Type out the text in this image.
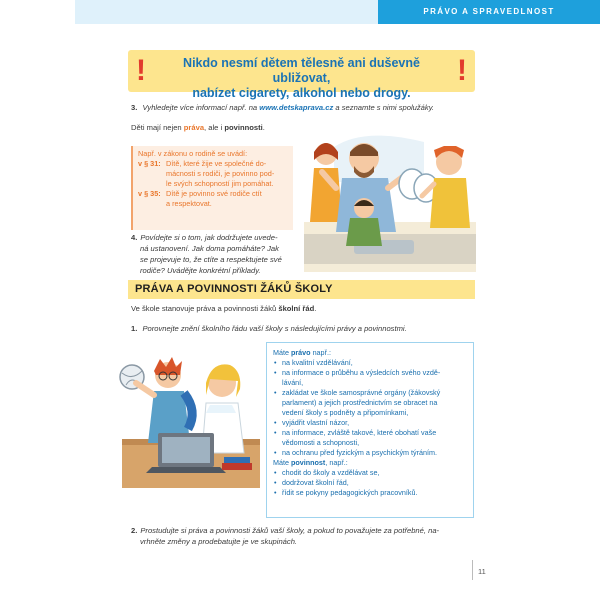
PRÁVO A SPRAVEDLNOST
!	Nikdo nesmí dětem tělesně ani duševně ubližovat,
nabízet cigarety, alkohol nebo drogy.
!
3. Vyhledejte více informací např. na www.detskaprava.cz a seznamte s nimi spolužáky.
Děti mají nejen práva, ale i povinnosti.
Např. v zákonu o rodině se uvádí:
v § 31: Dítě, které žije ve společné do-
mácnosti s rodiči, je povinno pod-
le svých schopností jim pomáhat.
v § 35: Dítě je povinno své rodiče ctít
a respektovat.
4. Povídejte si o tom, jak dodržujete uvede-
ná ustanovení. Jak doma pomáháte? Jak
se projevuje to, že ctíte a respektujete své
rodiče? Uvádějte konkrétní příklady.
PRÁVA A POVINNOSTI ŽÁKŮ ŠKOLY
Ve škole stanovuje práva a povinnosti žáků školní řád.
1. Porovnejte znění školního řádu vaší školy s následujícími právy a povinnostmi.
Máte právo např.:
• na kvalitní vzdělávání,
• na informace o průběhu a výsledcích svého vzdě-
lávání,
• zakládat ve škole samosprávné orgány (žákovský
parlament) a jejich prostřednictvím se obracet na
vedení školy s podněty a připomínkami,
• vyjádřit vlastní názor,
• na informace, zvláště takové, které obohatí vaše
vědomosti a schopnosti,
• na ochranu před fyzickým a psychickým týráním.
Máte povinnost, např.:
• chodit do školy a vzdělávat se,
• dodržovat školní řád,
• řídit se pokyny pedagogických pracovníků.
2. Prostudujte si práva a povinnosti žáků vaší školy, a pokud to považujete za potřebné, na-
vrhněte změny a prodebatujte je ve skupinách.
11
